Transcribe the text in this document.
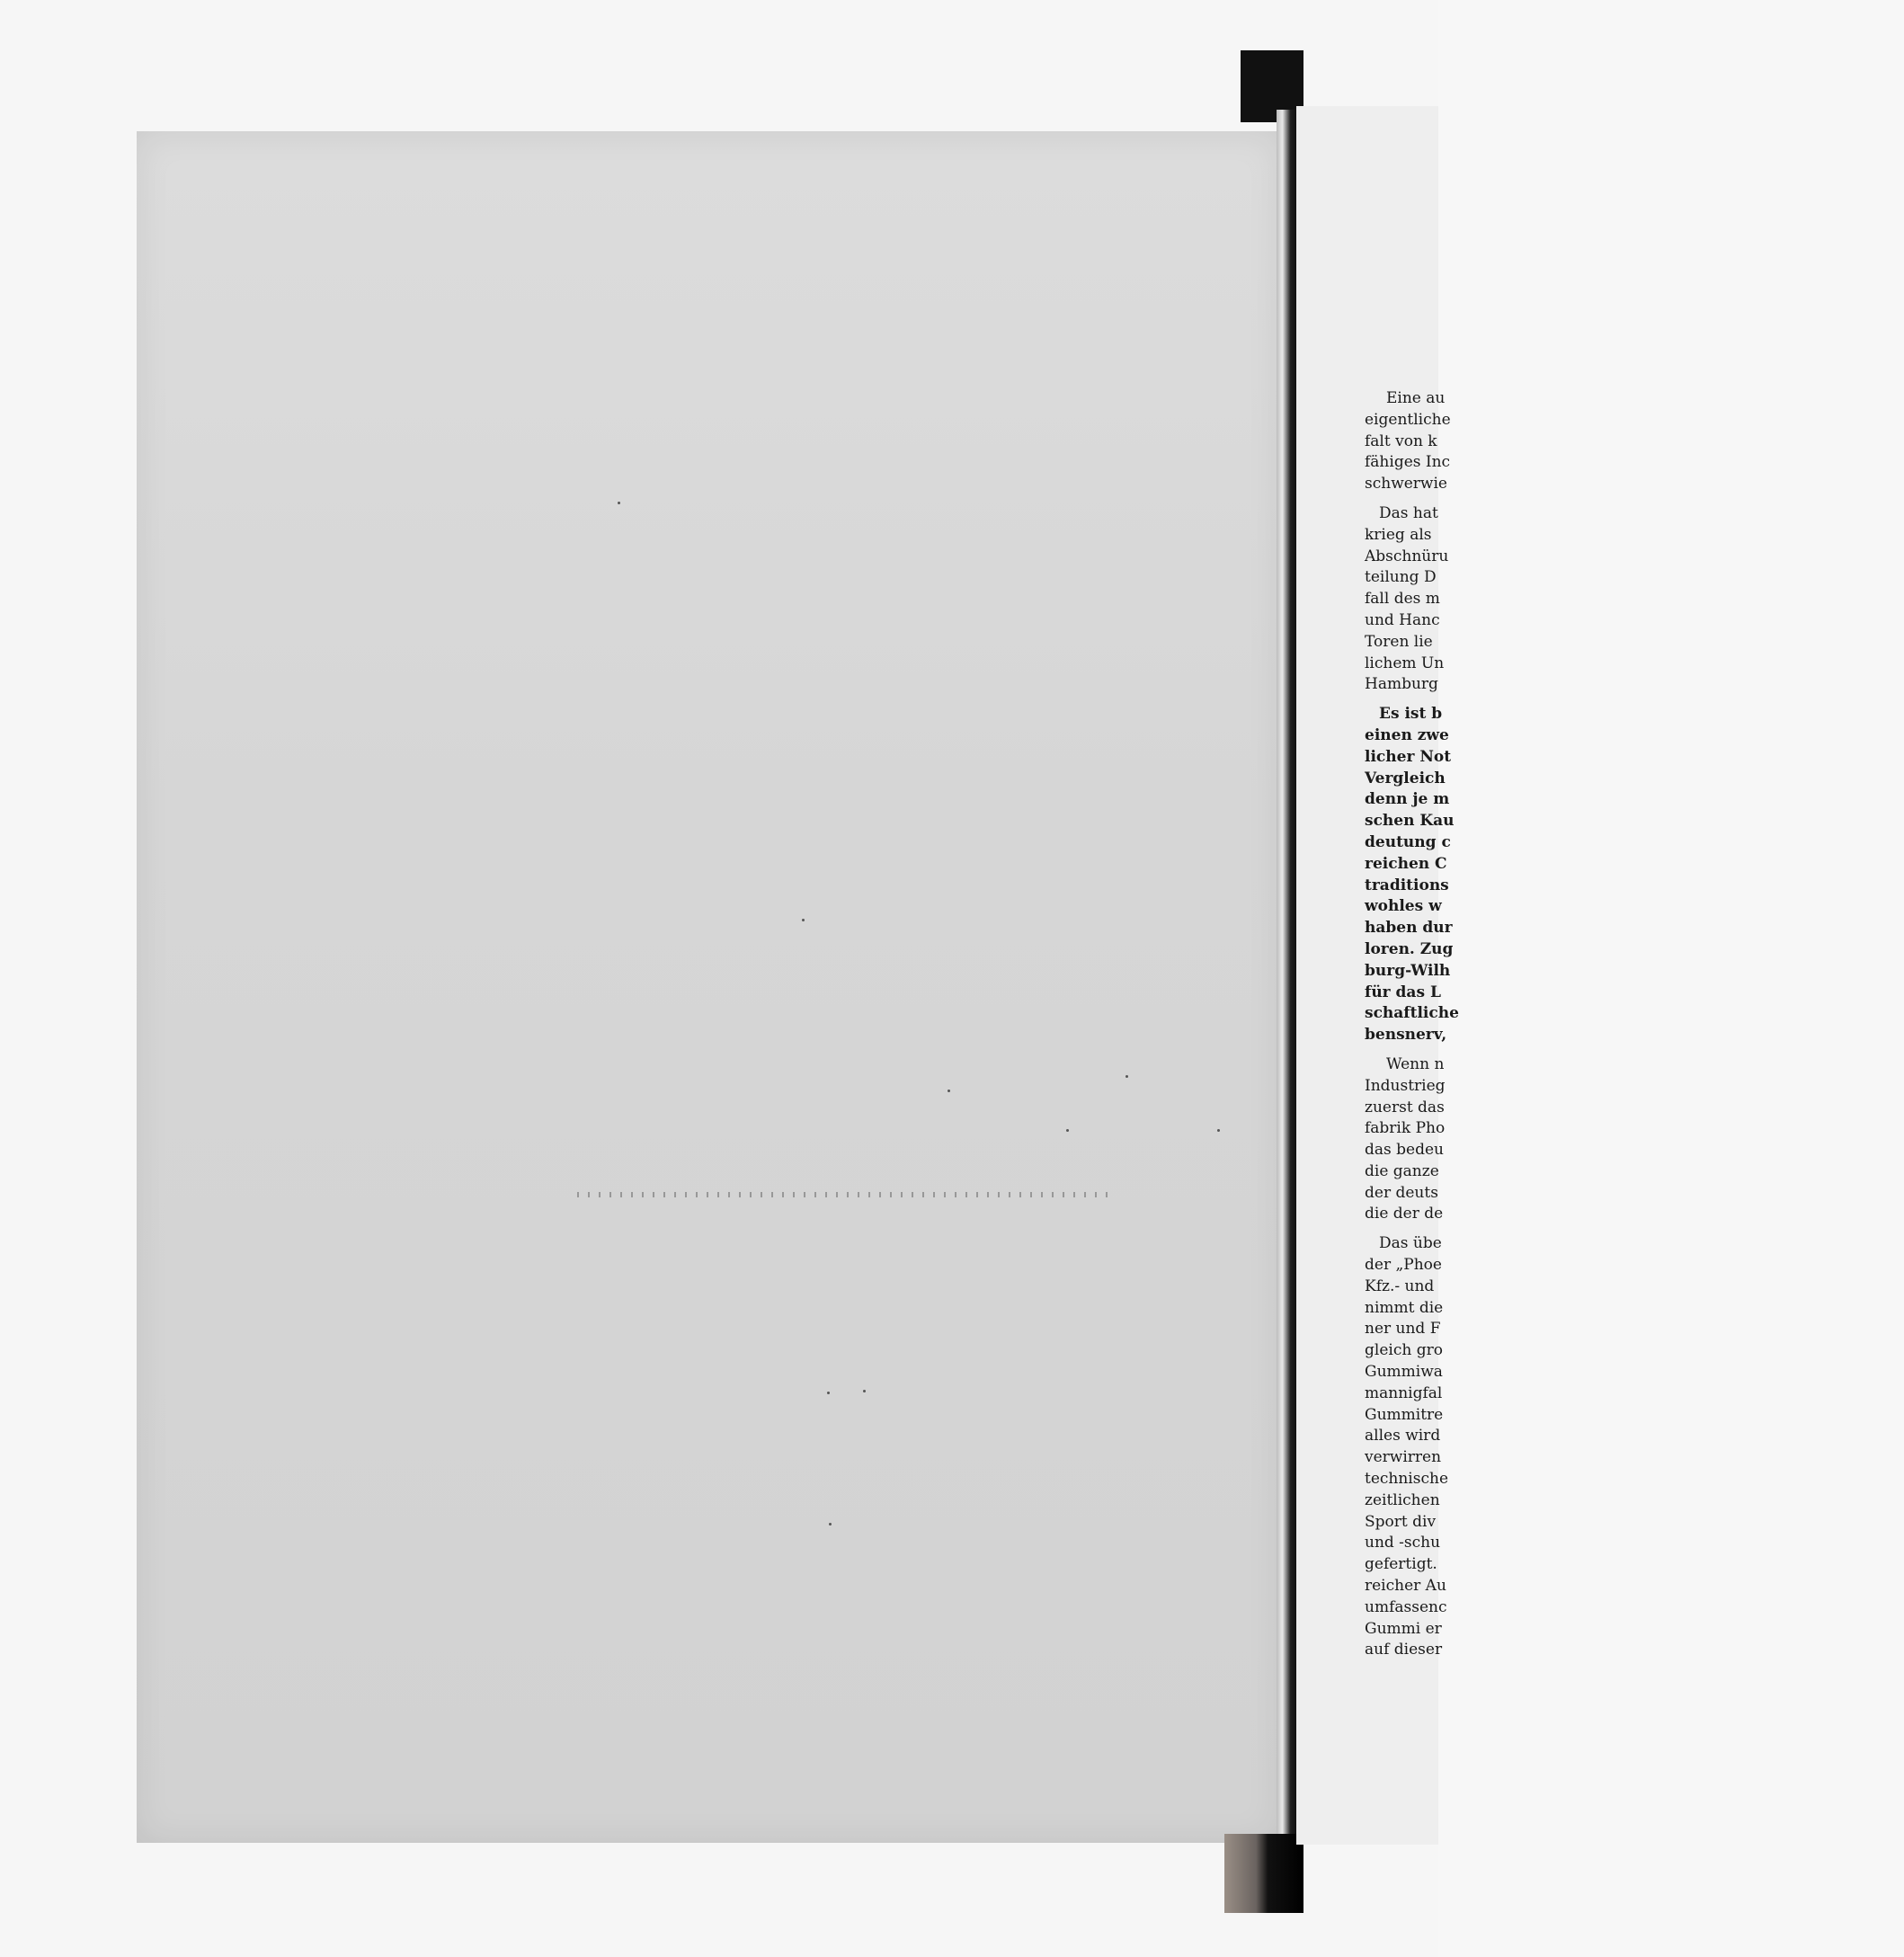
Eine au
eigentliche
falt von k
fähiges Inc
schwerwie
Das hat
krieg als
Abschnüru
teilung D
fall des m
und Hanc
Toren lie
lichem Un
Hamburg
Es ist b
einen zwe
licher Not
Vergleich
denn je m
schen Kau
deutung c
reichen C
traditions
wohles w
haben dur
loren. Zug
burg-Wilh
für das L
schaftliche
bensnerv,
Wenn n
Industrieg
zuerst das
fabrik Pho
das bedeu
die ganze
der deuts
die der de
Das übe
der „Phoe
Kfz.- und
nimmt die
ner und F
gleich gro
Gummiwa
mannigfal
Gummitre
alles wird
verwirren
technische
zeitlichen
Sport div
und -schu
gefertigt.
reicher Au
umfassenc
Gummi er
auf dieser
